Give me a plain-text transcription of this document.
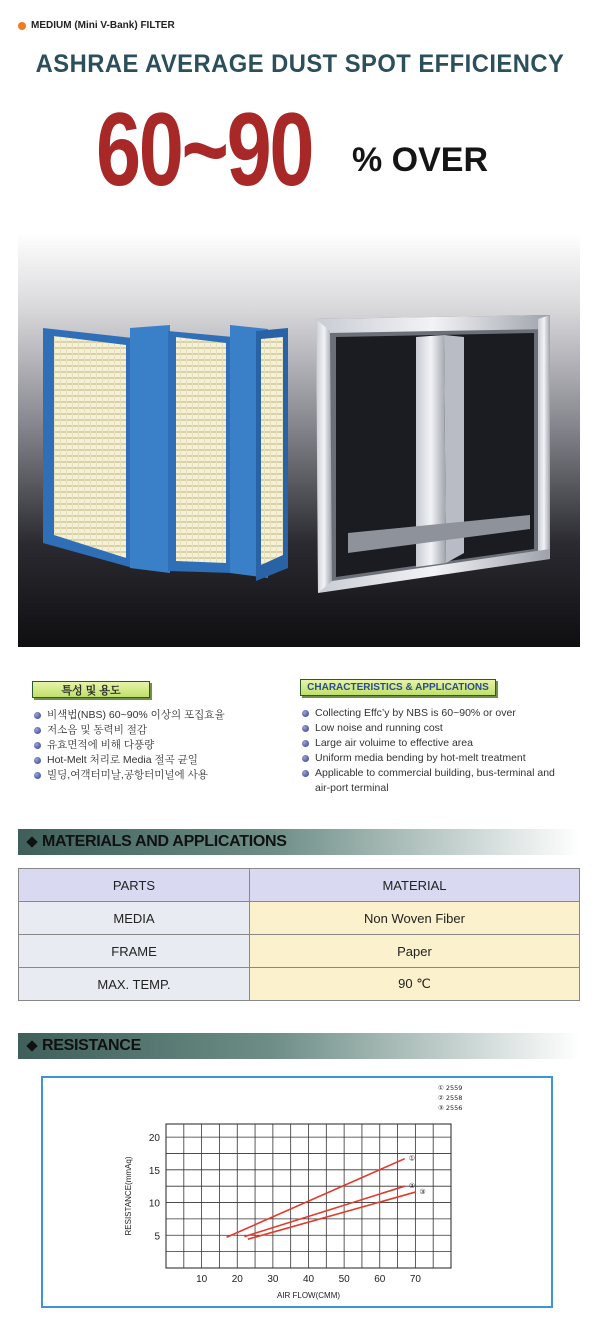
MEDIUM (Mini V-Bank) FILTER
ASHRAE AVERAGE DUST SPOT EFFICIENCY
60~90 % OVER
특성 및 용도	CHARACTERISTICS & APPLICATIONS
비색법(NBS) 60~90% 이상의 포집효율
저소음 및 동력비 절감
유효면적에 비해 다풍량
Hot-Melt 처리로 Media 절곡 균일
빌딩,여객터미날,공항터미널에 사용
Collecting Effc’y by NBS is 60~90% or over
Low noise and running cost
Large air voluime to effective area
Uniform media bending by hot-melt treatment
Applicable to commercial building, bus-terminal and air-port terminal
MATERIALS AND APPLICATIONS
PARTS	MATERIAL
MEDIA	Non Woven Fiber
FRAME	Paper
MAX. TEMP.	90 ℃
RESISTANCE
10 20 30 40 50 60 70
5
10
15
20
AIR FLOW(CMM)
RESISTANCE(mmAq)	①
②
③
① 2559
② 2558
③ 2556
